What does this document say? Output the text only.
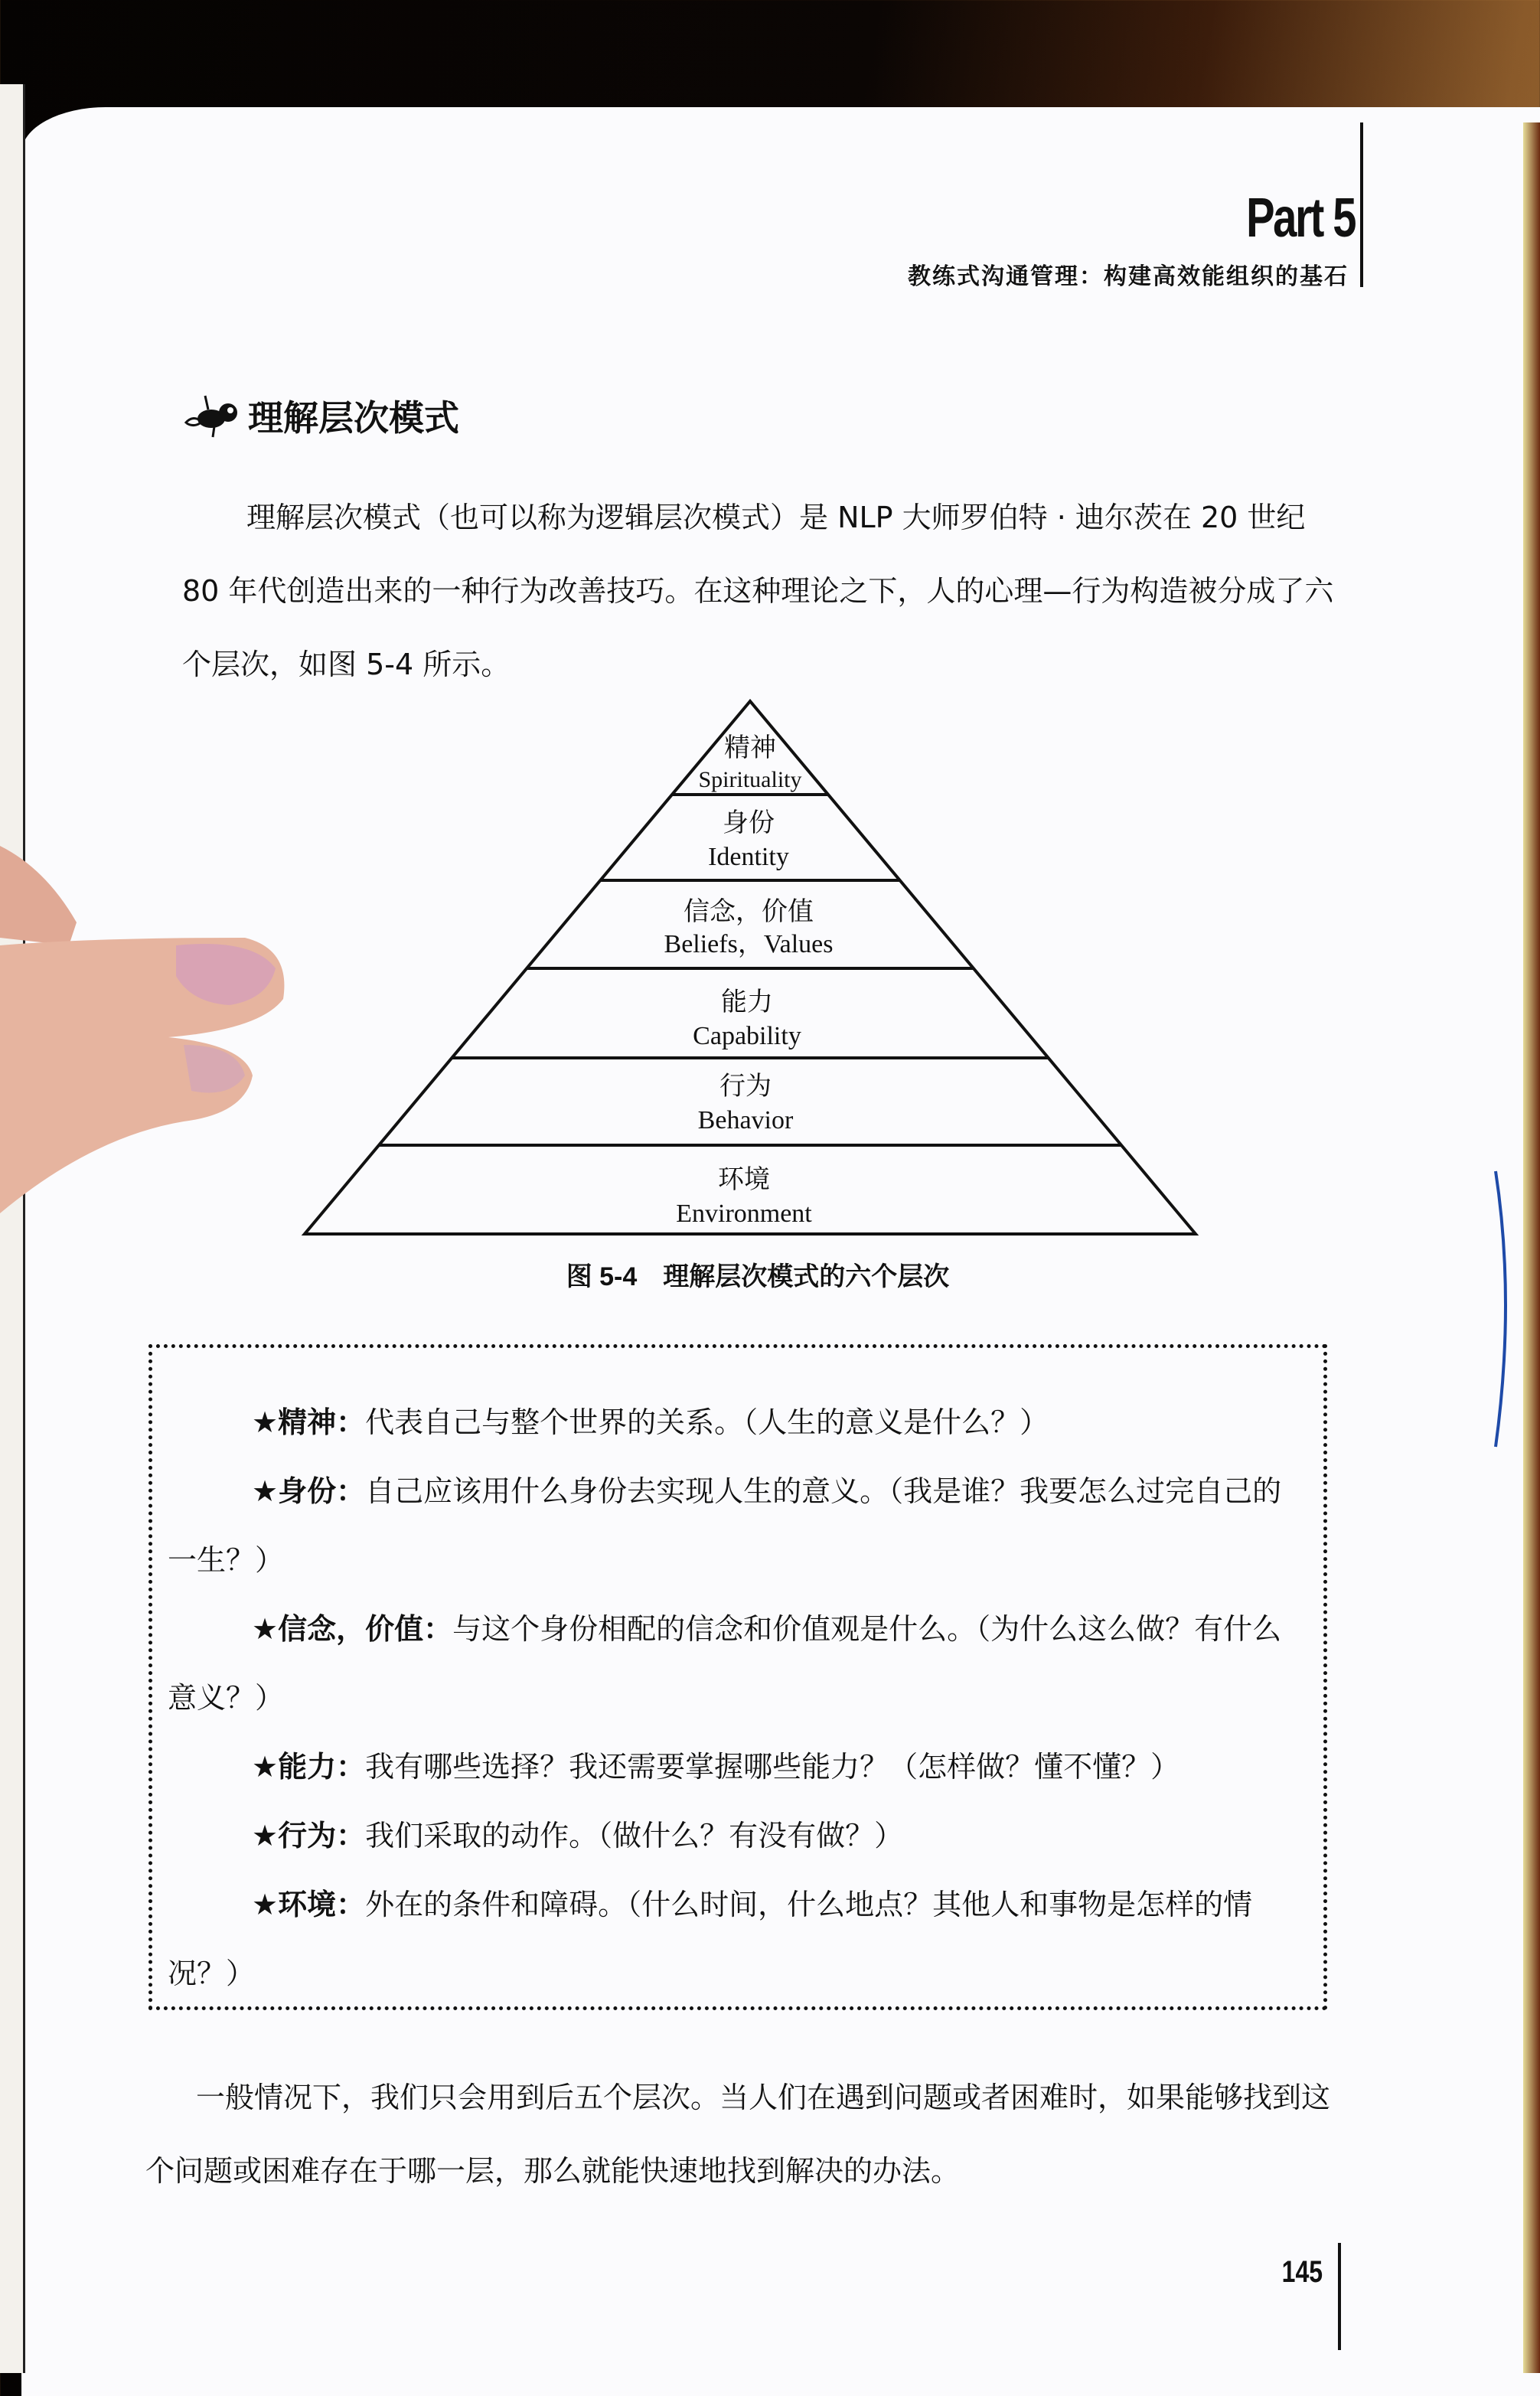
Part 5
教练式沟通管理：构建高效能组织的基石
理解层次模式
理解层次模式（也可以称为逻辑层次模式）是 NLP 大师罗伯特 · 迪尔茨在 20 世纪 80 年代创造出来的一种行为改善技巧。在这种理论之下，人的心理—行为构造被分成了六个层次，如图 5-4 所示。
精神
Spirituality
身份
Identity
信念，价值
Beliefs，Values
能力
Capability
行为
Behavior
环境
Environment
图 5-4　理解层次模式的六个层次
★精神：代表自己与整个世界的关系。（人生的意义是什么？）
★身份：自己应该用什么身份去实现人生的意义。（我是谁？我要怎么过完自己的一生？）
★信念，价值：与这个身份相配的信念和价值观是什么。（为什么这么做？有什么意义？）
★能力：我有哪些选择？我还需要掌握哪些能力？（怎样做？懂不懂？）
★行为：我们采取的动作。（做什么？有没有做？）
★环境：外在的条件和障碍。（什么时间，什么地点？其他人和事物是怎样的情况？）
一般情况下，我们只会用到后五个层次。当人们在遇到问题或者困难时，如果能够找到这个问题或困难存在于哪一层，那么就能快速地找到解决的办法。
145
